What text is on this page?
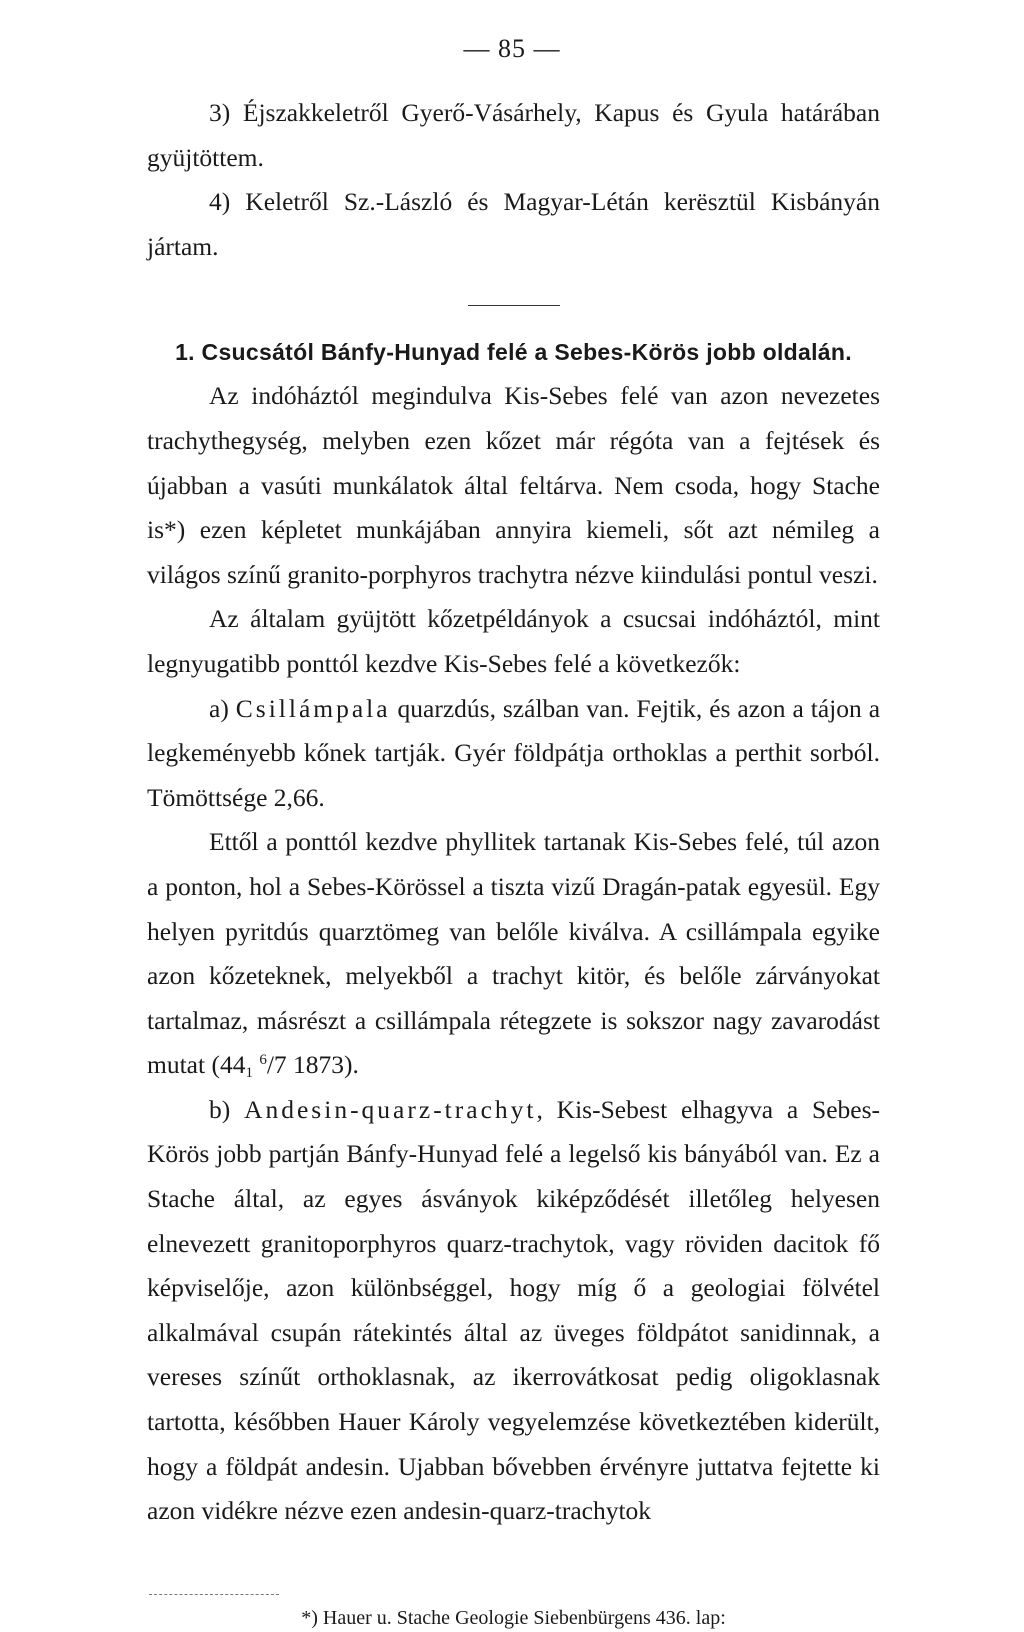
— 85 —

3) Éjszakkeletről Gyerő-Vásárhely, Kapus és Gyula határában gyüjtöttem.

4) Keletről Sz.-László és Magyar-Létán kerësztül Kisbányán jártam.

1. Csucsától Bánfy-Hunyad felé a Sebes-Körös jobb oldalán.

Az indóháztól megindulva Kis-Sebes felé van azon nevezetes trachythegység, melyben ezen kőzet már régóta van a fejtések és újabban a vasúti munkálatok által feltárva. Nem csoda, hogy Stache is*) ezen képletet munkájában annyira kiemeli, sőt azt némileg a világos színű granito-porphyros trachytra nézve kiindulási pontul veszi.

Az általam gyüjtött kőzetpéldányok a csucsai indóháztól, mint legnyugatibb ponttól kezdve Kis-Sebes felé a következők:

a) Csillámpala quarzdús, szálban van. Fejtik, és azon a tájon a legkeményebb kőnek tartják. Gyér földpátja orthoklas a perthit sorból. Tömöttsége 2,66.

Ettől a ponttól kezdve phyllitek tartanak Kis-Sebes felé, túl azon a ponton, hol a Sebes-Körössel a tiszta vizű Dragán-patak egyesül. Egy helyen pyritdús quarztömeg van belőle kiválva. A csillámpala egyike azon kőzeteknek, melyekből a trachyt kitör, és belőle zárványokat tartalmaz, másrészt a csillámpala rétegzete is sokszor nagy zavarodást mutat ($44_1$ $^6$/7 1873).

b) Andesin-quarz-trachyt, Kis-Sebest elhagyva a Sebes-Körös jobb partján Bánfy-Hunyad felé a legelső kis bányából van. Ez a Stache által, az egyes ásványok kiképződését illetőleg helyesen elnevezett granitoporphyros quarz-trachytok, vagy röviden dacitok fő képviselője, azon különbséggel, hogy míg ő a geologiai fölvétel alkalmával csupán rátekintés által az üveges földpátot sanidinnak, a vereses színűt orthoklasnak, az ikerrovátkosat pedig oligoklasnak tartotta, későbben Hauer Károly vegyelemzése következtében kiderült, hogy a földpát andesin. Ujabban bővebben érvényre juttatva fejtette ki azon vidékre nézve ezen andesin-quarz-trachytok

*) Hauer u. Stache Geologie Siebenbürgens 436. lap:
